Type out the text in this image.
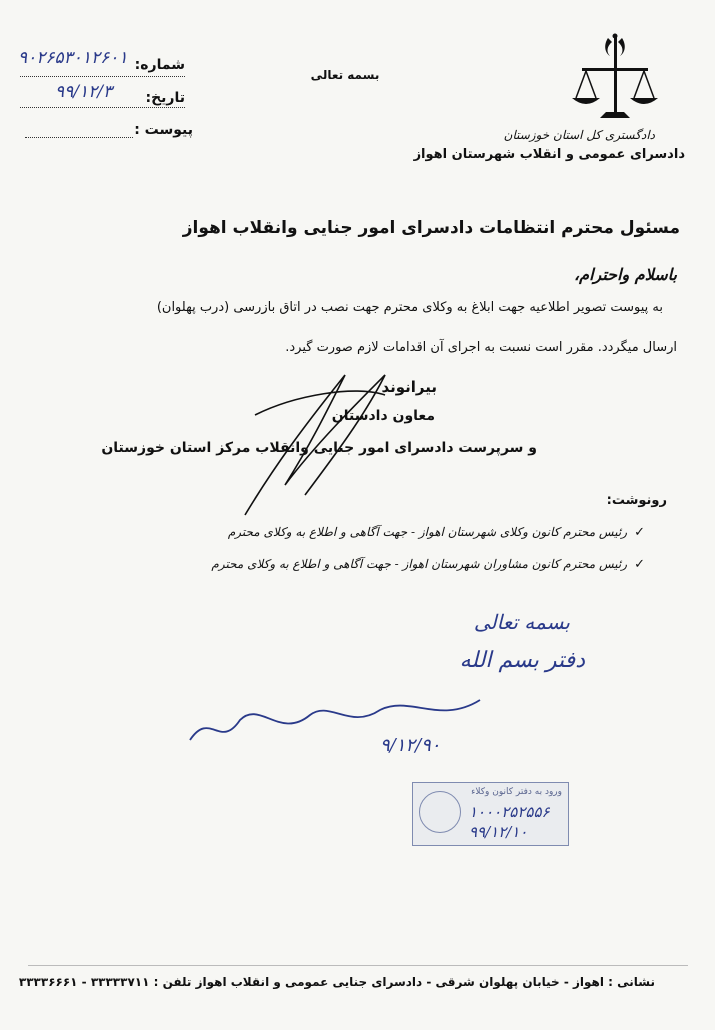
دادگستری کل استان خوزستان
دادسرای عمومی و انقلاب شهرستان اهواز
بسمه تعالی
شماره:
۹۰۲۶۵۳۰۱۲۶۰۱
تاریخ:
۹۹/۱۲/۳
پیوست :
مسئول محترم انتظامات دادسرای امور جنایی وانقلاب اهواز
باسلام واحترام،
به پیوست تصویر اطلاعیه جهت ابلاغ به وکلای محترم جهت نصب در اتاق بازرسی (درب پهلوان)
ارسال میگردد. مقرر است نسبت به اجرای آن اقدامات لازم صورت گیرد.
بیرانوند
معاون دادستان
و سرپرست دادسرای امور جنایی وانقلاب مرکز استان خوزستان
رونوشت:
✓
رئیس محترم کانون وکلای شهرستان اهواز - جهت آگاهی و اطلاع به وکلای محترم
✓
رئیس محترم کانون مشاوران شهرستان اهواز - جهت آگاهی و اطلاع به وکلای محترم
بسمه تعالی
دفتر بسم الله
۹/۱۲/۹۰
ورود به دفتر کانون وکلاء
۱۰۰۰۲۵۲۵۵۶
۹۹/۱۲/۱۰
نشانی : اهواز - خیابان پهلوان شرقی - دادسرای جنایی عمومی و انقلاب اهواز تلفن : ۳۳۳۳۳۷۱۱ - ۳۳۳۳۶۶۶۱
